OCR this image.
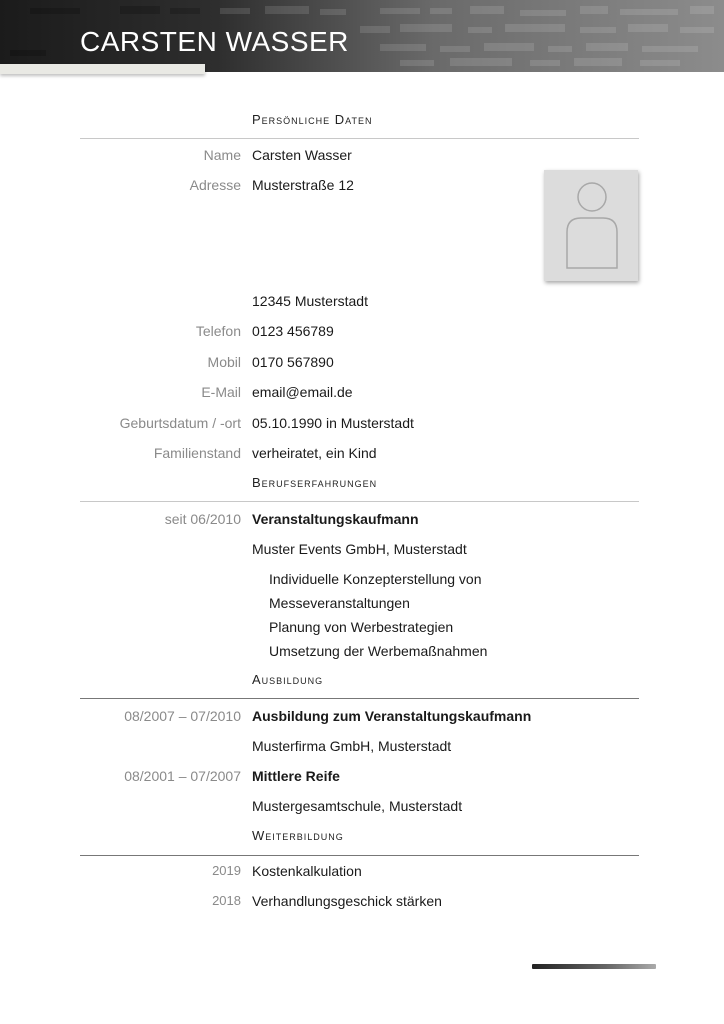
CARSTEN WASSER
Persönliche Daten
Name Carsten Wasser
Adresse Musterstraße 12
12345 Musterstadt
Telefon 0123 456789
Mobil 0170 567890
E-Mail email@email.de
Geburtsdatum / -ort 05.10.1990 in Musterstadt
Familienstand verheiratet, ein Kind
Berufserfahrungen
seit 06/2010 Veranstaltungskaufmann
Muster Events GmbH, Musterstadt
Individuelle Konzepterstellung von
Messeveranstaltungen
Planung von Werbestrategien
Umsetzung der Werbemaßnahmen
Ausbildung
08/2007 – 07/2010 Ausbildung zum Veranstaltungskaufmann
Musterfirma GmbH, Musterstadt
08/2001 – 07/2007 Mittlere Reife
Mustergesamtschule, Musterstadt
Weiterbildung
2019 Kostenkalkulation
2018 Verhandlungsgeschick stärken
